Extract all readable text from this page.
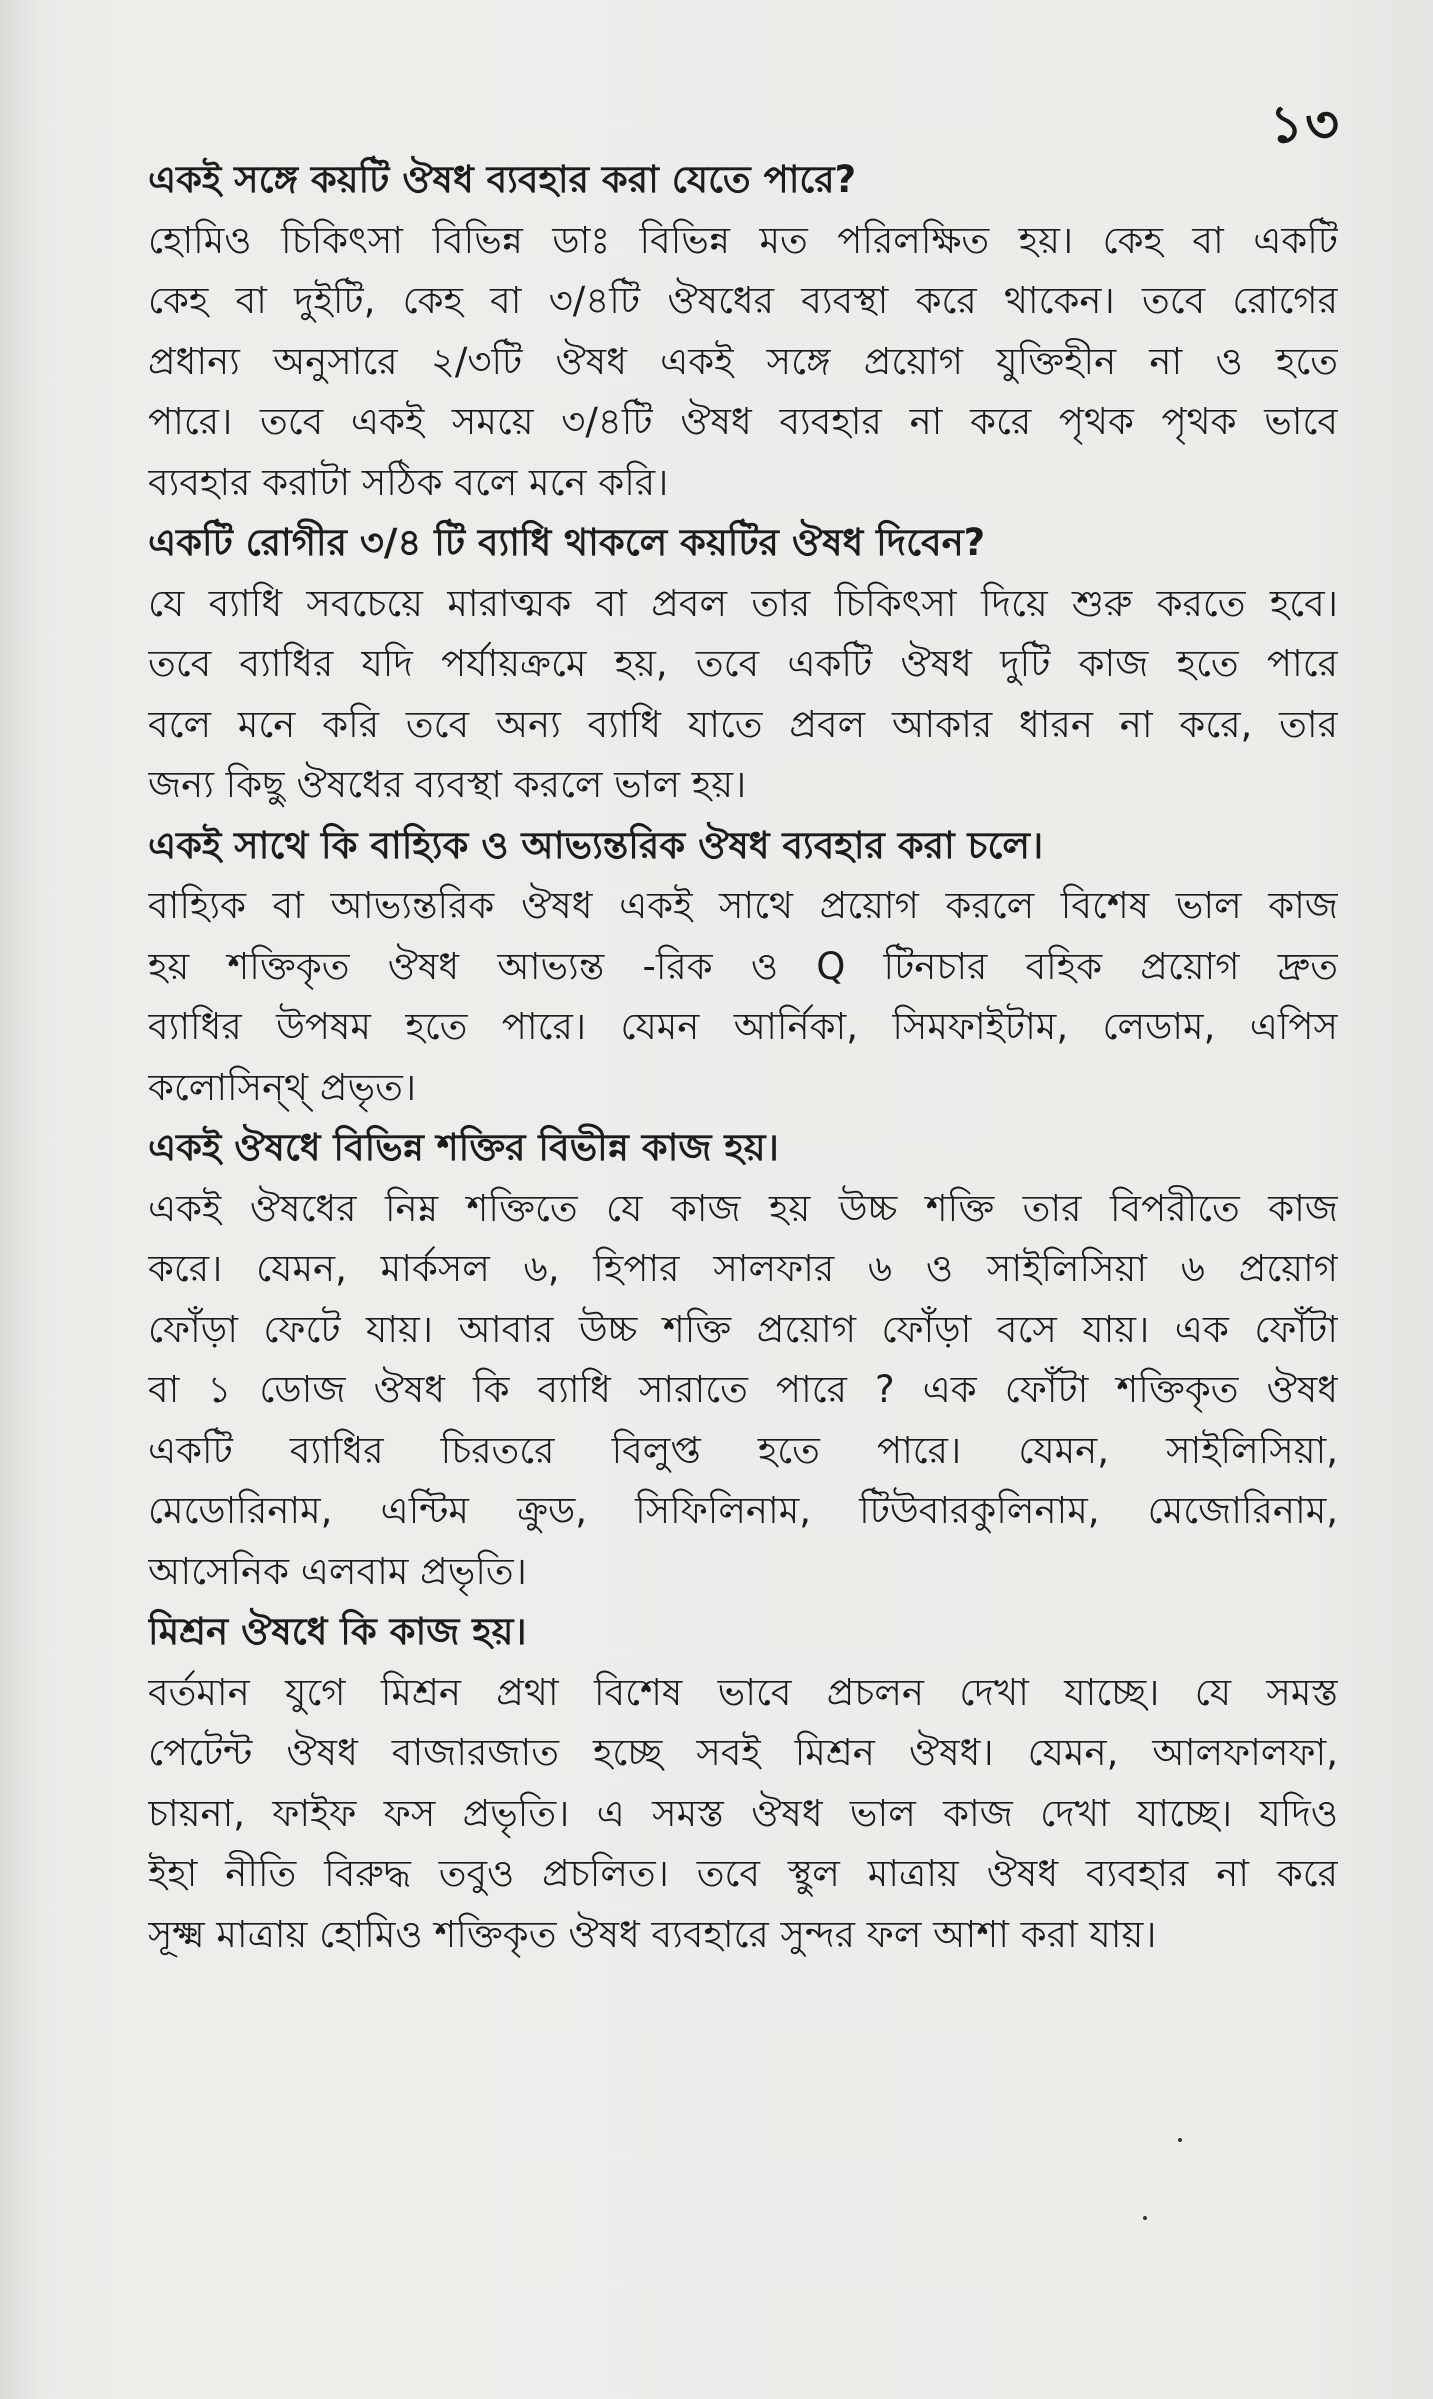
১৩
একই সঙ্গে কয়টি ঔষধ ব্যবহার করা যেতে পারে?
হোমিও চিকিৎসা বিভিন্ন ডাঃ বিভিন্ন মত পরিলক্ষিত হয়। কেহ বা একটি
কেহ বা দুইটি, কেহ বা ৩/৪টি ঔষধের ব্যবস্থা করে থাকেন। তবে রোগের
প্রধান্য অনুসারে ২/৩টি ঔষধ একই সঙ্গে প্রয়োগ যুক্তিহীন না ও হতে
পারে। তবে একই সময়ে ৩/৪টি ঔষধ ব্যবহার না করে পৃথক পৃথক ভাবে
ব্যবহার করাটা সঠিক বলে মনে করি।
একটি রোগীর ৩/৪ টি ব্যাধি থাকলে কয়টির ঔষধ দিবেন?
যে ব্যাধি সবচেয়ে মারাত্মক বা প্রবল তার চিকিৎসা দিয়ে শুরু করতে হবে।
তবে ব্যাধির যদি পর্যায়ক্রমে হয়, তবে একটি ঔষধ দুটি কাজ হতে পারে
বলে মনে করি তবে অন্য ব্যাধি যাতে প্রবল আকার ধারন না করে, তার
জন্য কিছু ঔষধের ব্যবস্থা করলে ভাল হয়।
একই সাথে কি বাহ্যিক ও আভ্যন্তরিক ঔষধ ব্যবহার করা চলে।
বাহ্যিক বা আভ্যন্তরিক ঔষধ একই সাথে প্রয়োগ করলে বিশেষ ভাল কাজ
হয় শক্তিকৃত ঔষধ আভ্যন্ত -রিক ও Q টিনচার বহিক প্রয়োগ দ্রুত
ব্যাধির উপষম হতে পারে। যেমন আর্নিকা, সিমফাইটাম, লেডাম, এপিস
কলোসিন্থ্ প্রভৃত।
একই ঔষধে বিভিন্ন শক্তির বিভীন্ন কাজ হয়।
একই ঔষধের নিম্ন শক্তিতে যে কাজ হয় উচ্চ শক্তি তার বিপরীতে কাজ
করে। যেমন, মার্কসল ৬, হিপার সালফার ৬ ও সাইলিসিয়া ৬ প্রয়োগ
ফোঁড়া ফেটে যায়। আবার উচ্চ শক্তি প্রয়োগ ফোঁড়া বসে যায়। এক ফোঁটা
বা ১ ডোজ ঔষধ কি ব্যাধি সারাতে পারে ? এক ফোঁটা শক্তিকৃত ঔষধ
একটি ব্যাধির চিরতরে বিলুপ্ত হতে পারে। যেমন, সাইলিসিয়া,
মেডোরিনাম, এন্টিম ক্রুড, সিফিলিনাম, টিউবারকুলিনাম, মেজোরিনাম,
আসেনিক এলবাম প্রভৃতি।
মিশ্রন ঔষধে কি কাজ হয়।
বর্তমান যুগে মিশ্রন প্রথা বিশেষ ভাবে প্রচলন দেখা যাচ্ছে। যে সমস্ত
পেটেন্ট ঔষধ বাজারজাত হচ্ছে সবই মিশ্রন ঔষধ। যেমন, আলফালফা,
চায়না, ফাইফ ফস প্রভৃতি। এ সমস্ত ঔষধ ভাল কাজ দেখা যাচ্ছে। যদিও
ইহা নীতি বিরুদ্ধ তবুও প্রচলিত। তবে স্থুল মাত্রায় ঔষধ ব্যবহার না করে
সূক্ষ্ম মাত্রায় হোমিও শক্তিকৃত ঔষধ ব্যবহারে সুন্দর ফল আশা করা যায়।
